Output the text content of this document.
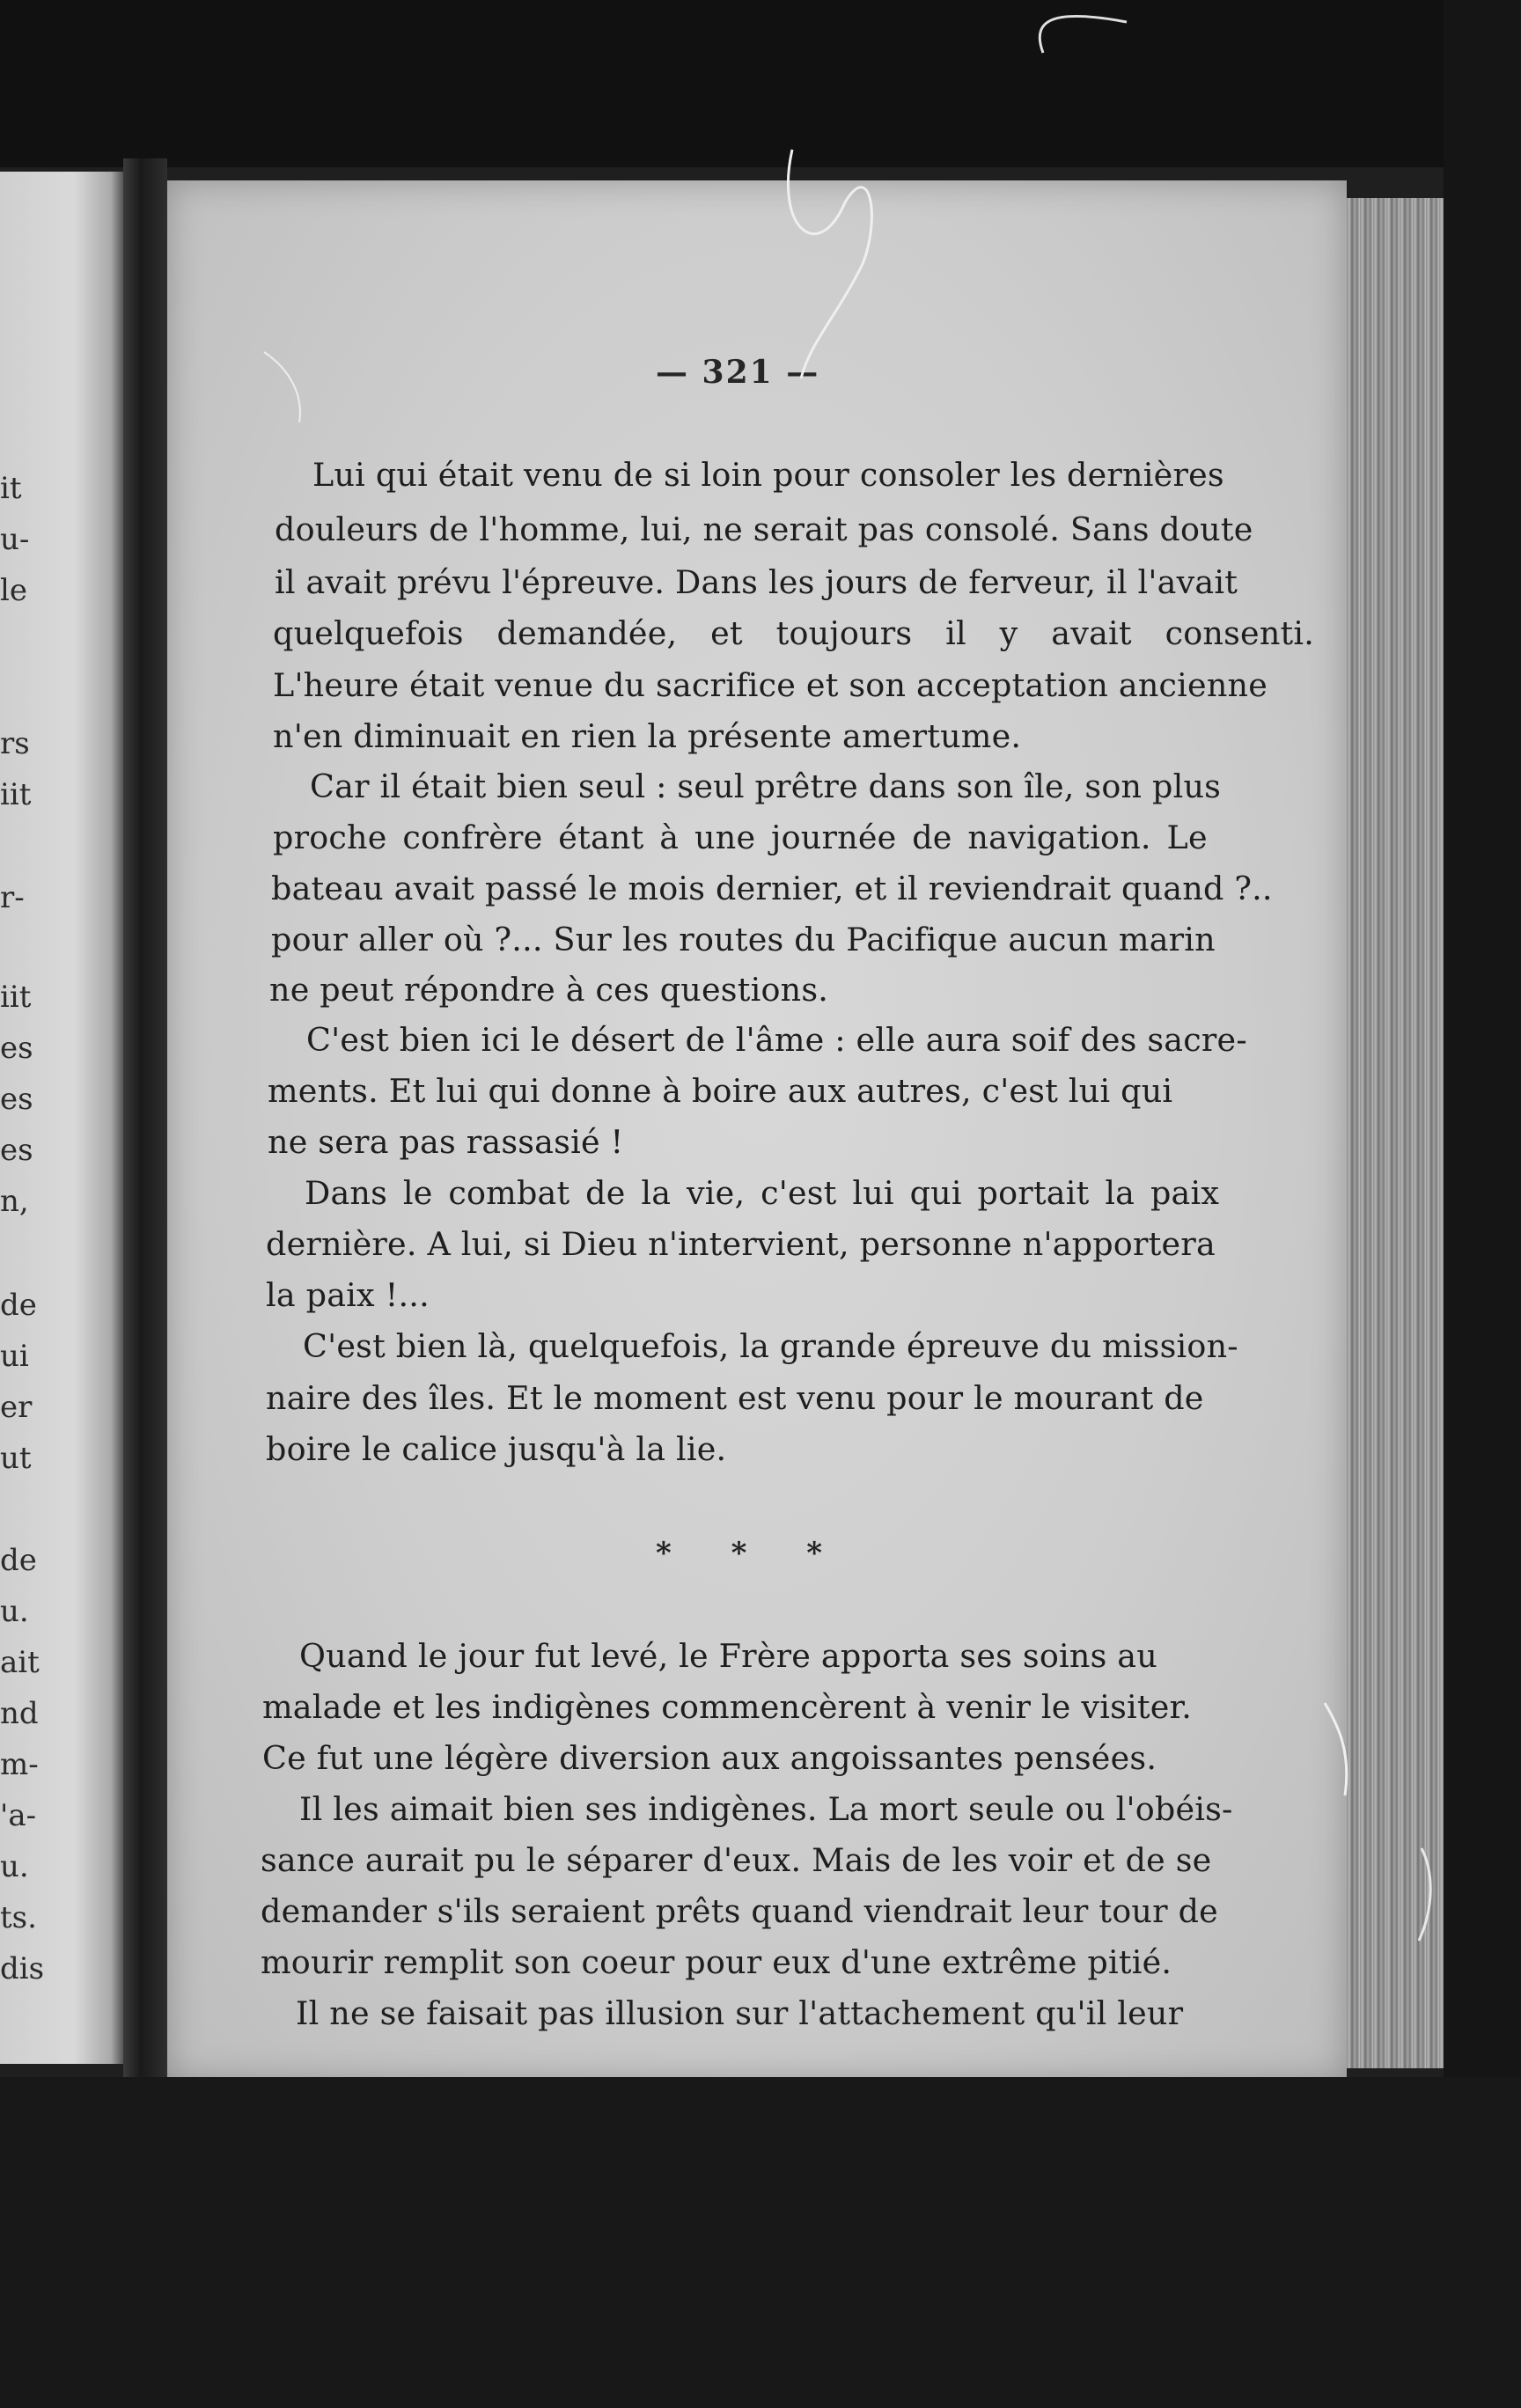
it
u-
le
rs
iit
r-
iit
es
es
es
n,
de
ui
er
ut
de
u.
ait
nd
m-
'a-
u.
ts.
dis
— 321 —
Lui qui était venu de si loin pour consoler les dernières
douleurs de l'homme, lui, ne serait pas consolé. Sans doute
il avait prévu l'épreuve. Dans les jours de ferveur, il l'avait
quelquefois demandée, et toujours il y avait consenti.
L'heure était venue du sacrifice et son acceptation ancienne
n'en diminuait en rien la présente amertume.
Car il était bien seul : seul prêtre dans son île, son plus
proche confrère étant à une journée de navigation. Le
bateau avait passé le mois dernier, et il reviendrait quand ?..
pour aller où ?... Sur les routes du Pacifique aucun marin
ne peut répondre à ces questions.
C'est bien ici le désert de l'âme : elle aura soif des sacre-
ments. Et lui qui donne à boire aux autres, c'est lui qui
ne sera pas rassasié !
Dans le combat de la vie, c'est lui qui portait la paix
dernière. A lui, si Dieu n'intervient, personne n'apportera
la paix !...
C'est bien là, quelquefois, la grande épreuve du mission-
naire des îles. Et le moment est venu pour le mourant de
boire le calice jusqu'à la lie.
* * *
Quand le jour fut levé, le Frère apporta ses soins au
malade et les indigènes commencèrent à venir le visiter.
Ce fut une légère diversion aux angoissantes pensées.
Il les aimait bien ses indigènes. La mort seule ou l'obéis-
sance aurait pu le séparer d'eux. Mais de les voir et de se
demander s'ils seraient prêts quand viendrait leur tour de
mourir remplit son coeur pour eux d'une extrême pitié.
Il ne se faisait pas illusion sur l'attachement qu'il leur
